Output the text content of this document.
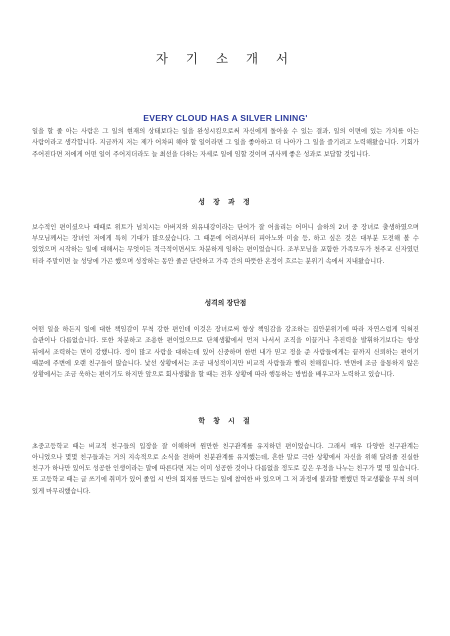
자 기 소 개 서

EVERY CLOUD HAS A SILVER LINING'

일을 할 줄 아는 사람은 그 일의 현재의 상태보다는 일을 완성시킴으로써 자신에게 돌아올 수 있는 결과, 일의 이면에 있는 가치를 아는 사람이라고 생각합니다. 지금까지 저는 제가 어차피 해야 할 일이라면 그 일을 좋아하고 더 나아가 그 일을 즐기려고 노력해왔습니다. 기회가 주어진다면 저에게 어떤 일이 주어지더라도 늘 최선을 다하는 자세로 일에 임할 것이며 귀사께 좋은 성과로 보답할 것입니다.

성 장 과 정

보수적인 편이셨으나 때때로 위트가 넘치시는 아버지와 외유내강이라는 단어가 잘 어울리는 어머니 슬하의 2녀 중 장녀로 출생하였으며 부모님께서는 장녀인 저에게 특히 기대가 많으셨습니다. 그 때문에 어려서부터 피아노와 미술 등, 하고 싶은 것은 대부분 도전해 볼 수 있었으며 시작하는 일에 대해서는 무엇이든 적극적이면서도 차분하게 임하는 편이었습니다. 조부모님을 포함한 가족모두가 천주교 신자였던 터라 주말이면 늘 성당에 가곤 했으며 성장하는 동안 줄곧 단란하고 가족 간의 따뜻한 온정이 흐르는 분위기 속에서 지내왔습니다.

성격의 장단점

어떤 일을 하든지 일에 대한 책임감이 무척 강한 편인데 이것은 장녀로써 항상 책임감을 강조하는 집안분위기에 따라 자연스럽게 익혀진 습관이나 다름없습니다. 또한 차분하고 조용한 편이었으므로 단체생활에서 먼저 나서서 조직을 이끌거나 추진력을 발휘하기보다는 항상 뒤에서 조력하는 면이 강했니다. 정이 많고 사람을 대하는데 있어 신중하며 한번 내가 믿고 정을 준 사람들에게는 끝까지 신뢰하는 편이기 때문에 주변에 오랜 친구들이 많습니다. 낯선 상황에서는 조금 내성적이지만 비교적 사람들과 빨리 친해집니다. 반면에 조금 융통하지 않은 상황에서는 조금 욱하는 편이기도 하지만 앞으로 회사생활을 할 때는 전후 상황에 따라 행동하는 방법을 배우고자 노력하고 있습니다.

학 창 시 절

초중고등학교 때는 비교적 친구들의 입장을 잘 이해하며 원만한 친구관계를 유지하던 편이었습니다. 그래서 매우 다양한 친구관계는 아니었으나 몇몇 친구들과는 거의 지속적으로 소식을 전하며 친분관계를 유지했는데, 흔한 말로 극한 상황에서 자신을 위해 달려줄 진실한 친구가 하나만 있어도 성공한 인생이라는 말에 따른다면 저는 이미 성공한 것이나 다름없을 정도로 깊은 우정을 나누는 친구가 몇 명 있습니다. 또 고등학교 때는 글 쓰기에 취미가 있어 졸업 시 반의 회지를 만드는 일에 참여한 바 있으며 그 저 과정에 불과할 뻔했던 학교생활을 무척 의미 있게 마무리했습니다.
